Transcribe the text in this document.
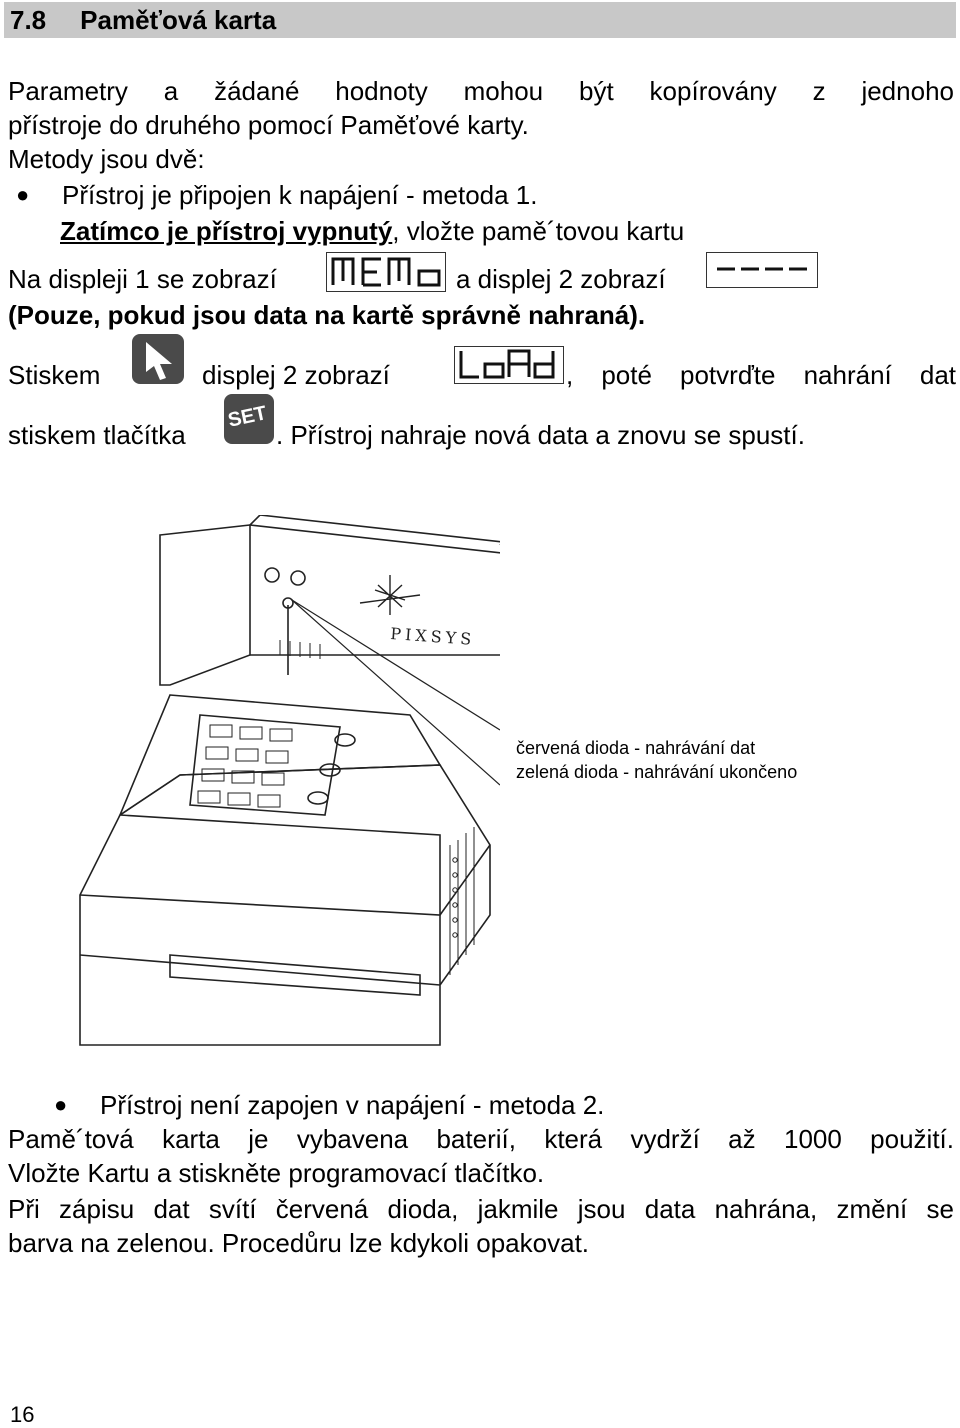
7.8 Paměťová karta
Parametry a žádané hodnoty mohou být kopírovány z jednoho
přístroje do druhého pomocí Paměťové karty.
Metody jsou dvě:
● Přístroj je připojen k napájení - metoda 1.
Zatímco je přístroj vypnutý, vložte pamě´tovou kartu
Na displeji 1 se zobrazí	a displej 2 zobrazí
(Pouze, pokud jsou data na kartě správně nahraná).
Stiskem	displej 2 zobrazí	, poté potvrďte nahrání dat
stiskem tlačítka
SET
. Přístroj nahraje nová data a znovu se spustí.
PIXSYS
červená dioda - nahrávání dat
zelená dioda - nahrávání ukončeno
● Přístroj není zapojen v napájení - metoda 2.
Pamě´tová karta je vybavena baterií, která vydrží až 1000 použití.
Vložte Kartu a stiskněte programovací tlačítko.
Při zápisu dat svítí červená dioda, jakmile jsou data nahrána, změní se
barva na zelenou. Procedůru lze kdykoli opakovat.
16
